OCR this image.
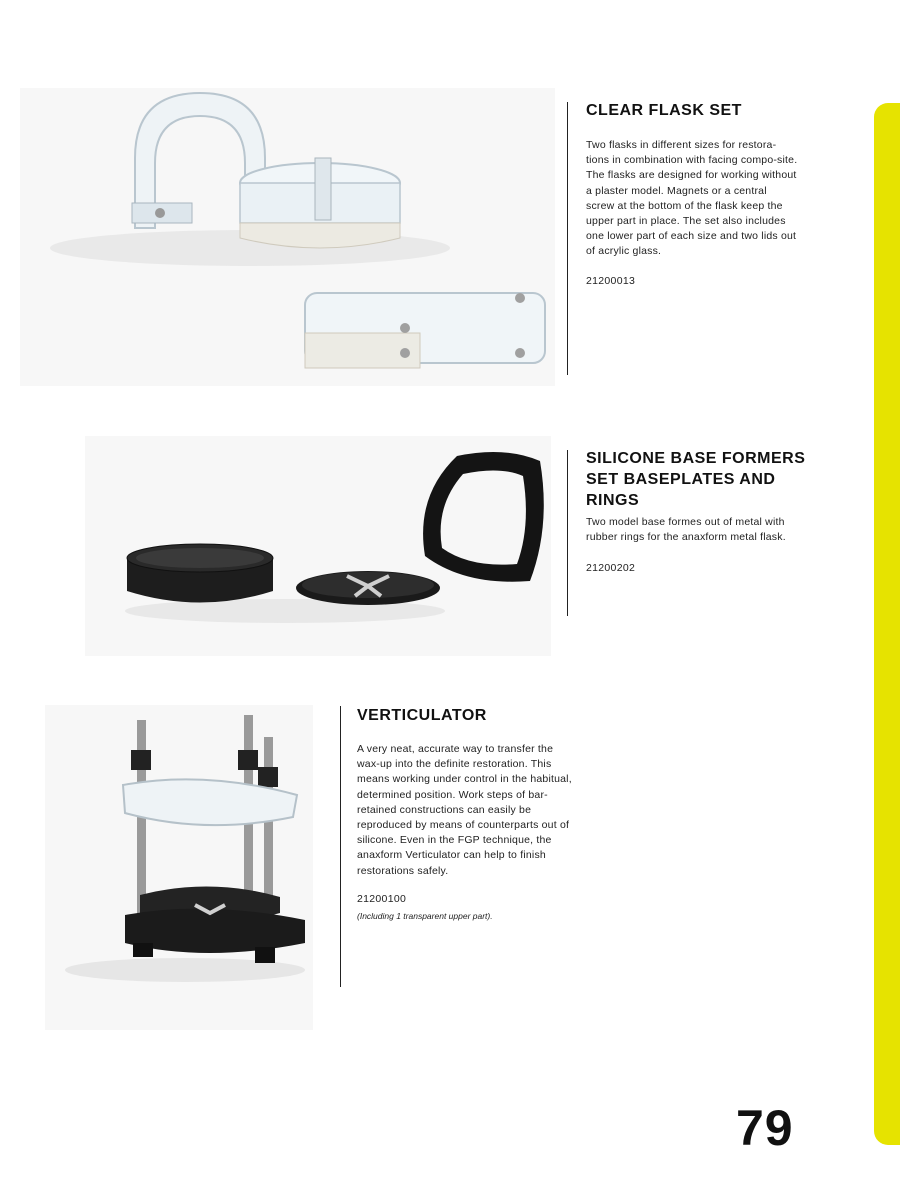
CLEAR FLASK SET

Two flasks in different sizes for restora-tions in combination with facing compo-site. The flasks are designed for working without a plaster model. Magnets or a central screw at the bottom of the flask keep the upper part in place. The set also includes one lower part of each size and two lids out of acrylic glass.

21200013

SILICONE BASE FORMERS SET BASEPLATES AND RINGS

Two model base formes out of metal with rubber rings for the anaxform metal flask.

21200202

VERTICULATOR

A very neat, accurate way to transfer the wax-up into the definite restoration. This means working under control in the habitual, determined position. Work steps of bar-retained constructions can easily be reproduced by means of counterparts out of silicone. Even in the FGP technique, the anaxform Verticulator can help to finish restorations safely.

21200100

(Including 1 transparent upper part).

79
